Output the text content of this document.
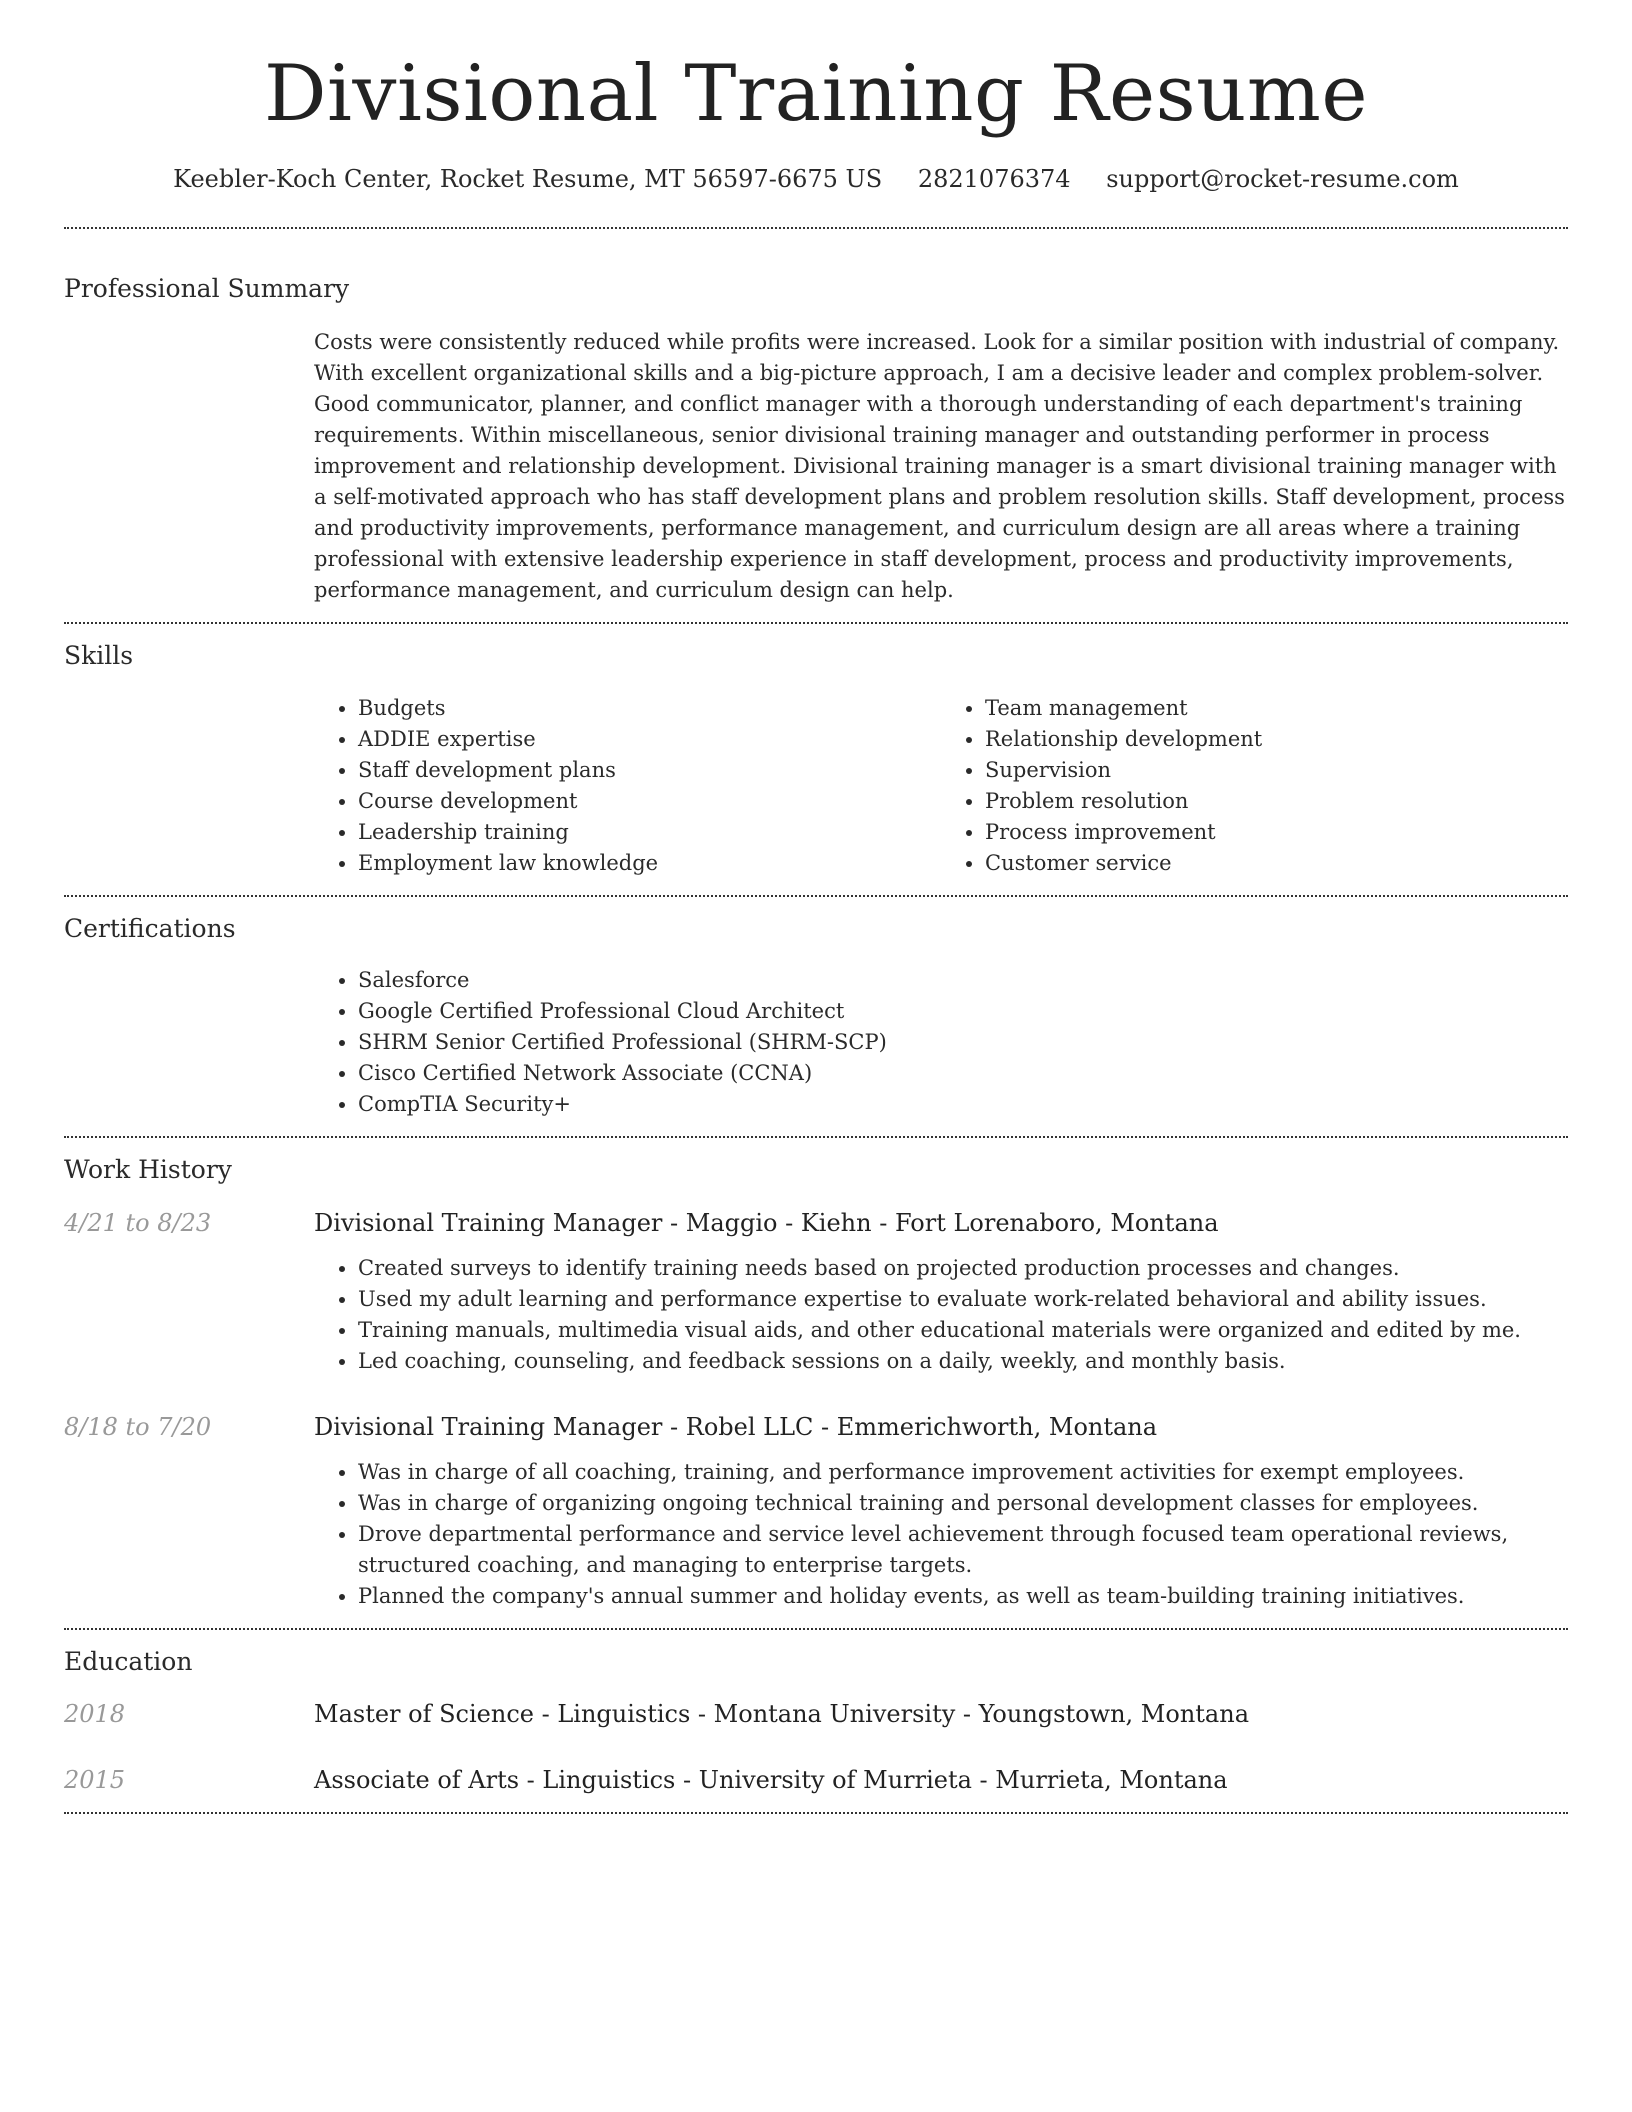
Divisional Training Resume
Keebler-Koch Center, Rocket Resume, MT 56597-6675 US 2821076374 support@rocket-resume.com
Professional Summary

Costs were consistently reduced while profits were increased. Look for a similar position with industrial of company. With excellent organizational skills and a big-picture approach, I am a decisive leader and complex problem-solver. Good communicator, planner, and conflict manager with a thorough understanding of each department's training requirements. Within miscellaneous, senior divisional training manager and outstanding performer in process improvement and relationship development. Divisional training manager is a smart divisional training manager with a self-motivated approach who has staff development plans and problem resolution skills. Staff development, process and productivity improvements, performance management, and curriculum design are all areas where a training professional with extensive leadership experience in staff development, process and productivity improvements, performance management, and curriculum design can help.

Skills
• Budgets
• ADDIE expertise
• Staff development plans
• Course development
• Leadership training
• Employment law knowledge
• Team management
• Relationship development
• Supervision
• Problem resolution
• Process improvement
• Customer service
Certifications
• Salesforce
• Google Certified Professional Cloud Architect
• SHRM Senior Certified Professional (SHRM-SCP)
• Cisco Certified Network Associate (CCNA)
• CompTIA Security+
Work History
4/21 to 8/23	Divisional Training Manager - Maggio - Kiehn - Fort Lorenaboro, Montana
• Created surveys to identify training needs based on projected production processes and changes.
• Used my adult learning and performance expertise to evaluate work-related behavioral and ability issues.
• Training manuals, multimedia visual aids, and other educational materials were organized and edited by me.
• Led coaching, counseling, and feedback sessions on a daily, weekly, and monthly basis.
8/18 to 7/20	Divisional Training Manager - Robel LLC - Emmerichworth, Montana
• Was in charge of all coaching, training, and performance improvement activities for exempt employees.
• Was in charge of organizing ongoing technical training and personal development classes for employees.
• Drove departmental performance and service level achievement through focused team operational reviews, structured coaching, and managing to enterprise targets.
• Planned the company's annual summer and holiday events, as well as team-building training initiatives.
Education
2018	Master of Science - Linguistics - Montana University - Youngstown, Montana
2015	Associate of Arts - Linguistics - University of Murrieta - Murrieta, Montana
